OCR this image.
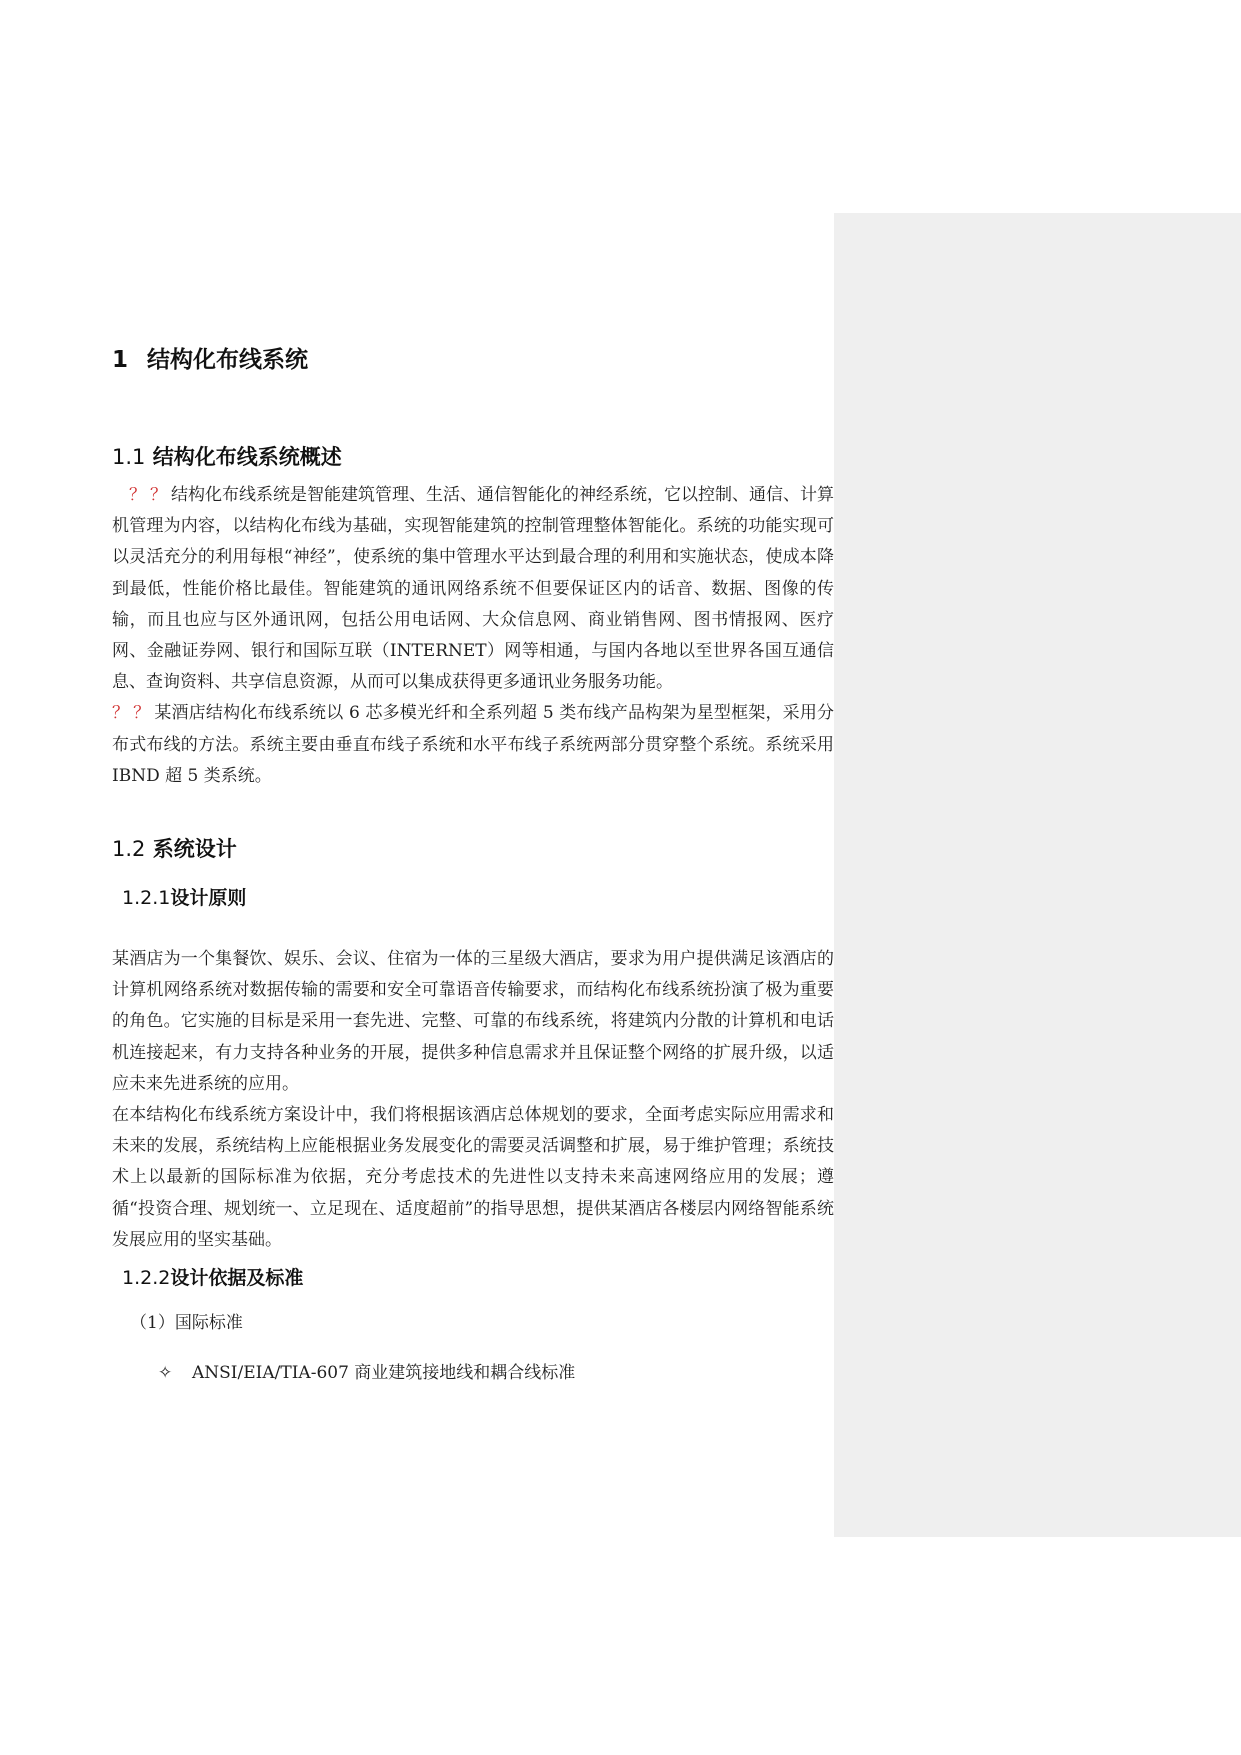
1 结构化布线系统
1.1 结构化布线系统概述

？？结构化布线系统是智能建筑管理、生活、通信智能化的神经系统，它以控制、通信、计算机管理为内容，以结构化布线为基础，实现智能建筑的控制管理整体智能化。系统的功能实现可以灵活充分的利用每根“神经”，使系统的集中管理水平达到最合理的利用和实施状态，使成本降到最低，性能价格比最佳。智能建筑的通讯网络系统不但要保证区内的话音、数据、图像的传输，而且也应与区外通讯网，包括公用电话网、大众信息网、商业销售网、图书情报网、医疗网、金融证券网、银行和国际互联（INTERNET）网等相通，与国内各地以至世界各国互通信息、查询资料、共享信息资源，从而可以集成获得更多通讯业务服务功能。

？？某酒店结构化布线系统以 6 芯多模光纤和全系列超 5 类布线产品构架为星型框架，采用分布式布线的方法。系统主要由垂直布线子系统和水平布线子系统两部分贯穿整个系统。系统采用 IBND 超 5 类系统。

1.2 系统设计
1.2.1设计原则

某酒店为一个集餐饮、娱乐、会议、住宿为一体的三星级大酒店，要求为用户提供满足该酒店的计算机网络系统对数据传输的需要和安全可靠语音传输要求，而结构化布线系统扮演了极为重要的角色。它实施的目标是采用一套先进、完整、可靠的布线系统，将建筑内分散的计算机和电话机连接起来，有力支持各种业务的开展，提供多种信息需求并且保证整个网络的扩展升级，以适应未来先进系统的应用。

在本结构化布线系统方案设计中，我们将根据该酒店总体规划的要求，全面考虑实际应用需求和未来的发展，系统结构上应能根据业务发展变化的需要灵活调整和扩展，易于维护管理；系统技术上以最新的国际标准为依据，充分考虑技术的先进性以支持未来高速网络应用的发展；遵循“投资合理、规划统一、立足现在、适度超前”的指导思想，提供某酒店各楼层内网络智能系统发展应用的坚实基础。

1.2.2设计依据及标准

（1）国际标准

✧ ANSI/EIA/TIA-607 商业建筑接地线和耦合线标准
